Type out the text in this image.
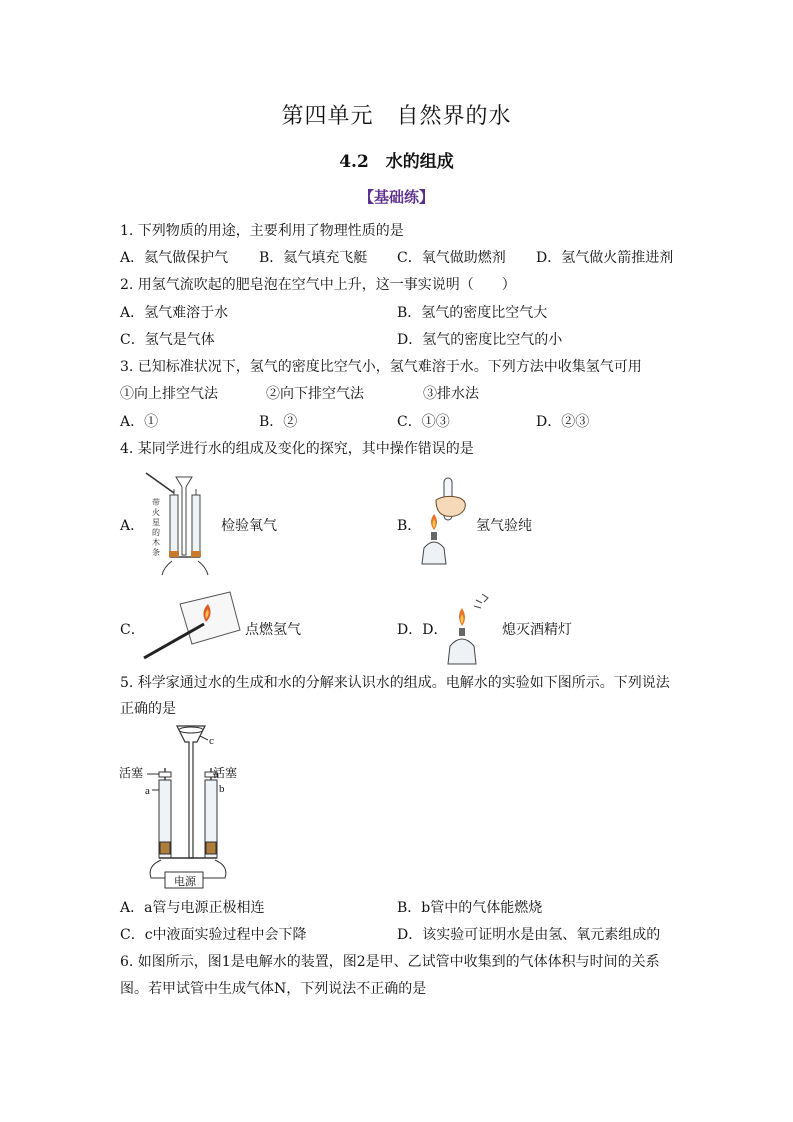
第四单元　自然界的水
4.2　水的组成
【基础练】
1. 下列物质的用途，主要利用了物理性质的是
A．氦气做保护气 B．氦气填充飞艇 C．氧气做助燃剂 D．氢气做火箭推进剂
2. 用氢气流吹起的肥皂泡在空气中上升，这一事实说明（　　）
A．氢气难溶于水	B．氢气的密度比空气大
C．氢气是气体	D．氢气的密度比空气的小
3. 已知标准状况下，氢气的密度比空气小，氢气难溶于水。下列方法中收集氢气可用
①向上排空气法	②向下排空气法	③排水法
A．①	B．②	C．①③	D．②③
4. 某同学进行水的组成及变化的探究，其中操作错误的是
A．
带
火
星
的
木
条
检验氧气	B．	氢气验纯
C．	点燃氢气	D．D．	熄灭酒精灯
5. 科学家通过水的生成和水的分解来认识水的组成。电解水的实验如下图所示。下列说法
正确的是
c
活塞	活塞
a	b
电源
A．a管与电源正极相连	B．b管中的气体能燃烧
C．c中液面实验过程中会下降	D．该实验可证明水是由氢、氧元素组成的
6. 如图所示，图1是电解水的装置，图2是甲、乙试管中收集到的气体体积与时间的关系
图。若甲试管中生成气体N，下列说法不正确的是
